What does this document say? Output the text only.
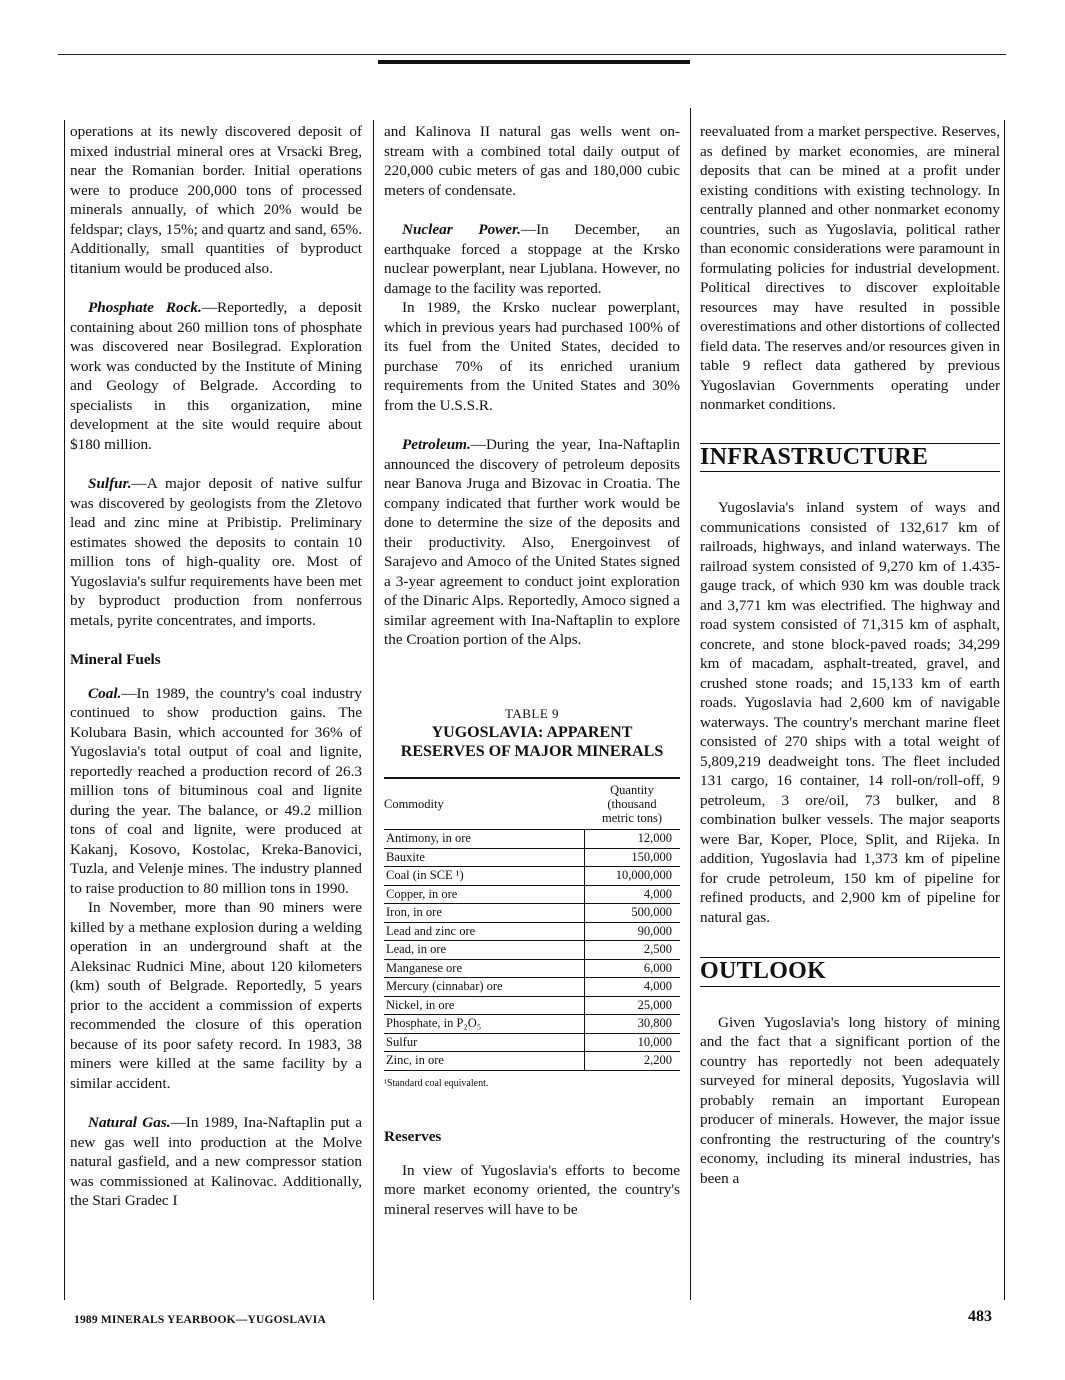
operations at its newly discovered deposit of mixed industrial mineral ores at Vrsacki Breg, near the Romanian border. Initial operations were to produce 200,000 tons of processed minerals annually, of which 20% would be feldspar; clays, 15%; and quartz and sand, 65%. Additionally, small quantities of byproduct titanium would be produced also.

Phosphate Rock.—Reportedly, a deposit containing about 260 million tons of phosphate was discovered near Bosilegrad. Exploration work was conducted by the Institute of Mining and Geology of Belgrade. According to specialists in this organization, mine development at the site would require about $180 million.

Sulfur.—A major deposit of native sulfur was discovered by geologists from the Zletovo lead and zinc mine at Pribistip. Preliminary estimates showed the deposits to contain 10 million tons of high-quality ore. Most of Yugoslavia's sulfur requirements have been met by byproduct production from nonferrous metals, pyrite concentrates, and imports.

Mineral Fuels

Coal.—In 1989, the country's coal industry continued to show production gains. The Kolubara Basin, which accounted for 36% of Yugoslavia's total output of coal and lignite, reportedly reached a production record of 26.3 million tons of bituminous coal and lignite during the year. The balance, or 49.2 million tons of coal and lignite, were produced at Kakanj, Kosovo, Kostolac, Kreka-Banovici, Tuzla, and Velenje mines. The industry planned to raise production to 80 million tons in 1990.

In November, more than 90 miners were killed by a methane explosion during a welding operation in an underground shaft at the Aleksinac Rudnici Mine, about 120 kilometers (km) south of Belgrade. Reportedly, 5 years prior to the accident a commission of experts recommended the closure of this operation because of its poor safety record. In 1983, 38 miners were killed at the same facility by a similar accident.

Natural Gas.—In 1989, Ina-Naftaplin put a new gas well into production at the Molve natural gasfield, and a new compressor station was commissioned at Kalinovac. Additionally, the Stari Gradec I

and Kalinova II natural gas wells went on-stream with a combined total daily output of 220,000 cubic meters of gas and 180,000 cubic meters of condensate.

Nuclear Power.—In December, an earthquake forced a stoppage at the Krsko nuclear powerplant, near Ljublana. However, no damage to the facility was reported.

In 1989, the Krsko nuclear powerplant, which in previous years had purchased 100% of its fuel from the United States, decided to purchase 70% of its enriched uranium requirements from the United States and 30% from the U.S.S.R.

Petroleum.—During the year, Ina-Naftaplin announced the discovery of petroleum deposits near Banova Jruga and Bizovac in Croatia. The company indicated that further work would be done to determine the size of the deposits and their productivity. Also, Energoinvest of Sarajevo and Amoco of the United States signed a 3-year agreement to conduct joint exploration of the Dinaric Alps. Reportedly, Amoco signed a similar agreement with Ina-Naftaplin to explore the Croation portion of the Alps.

TABLE 9

YUGOSLAVIA: APPARENT
RESERVES OF MAJOR MINERALS
Commodity	Quantity
(thousand
metric tons)

Antimony, in ore	12,000
Bauxite	150,000
Coal (in SCE ¹)	10,000,000
Copper, in ore	4,000
Iron, in ore	500,000
Lead and zinc ore	90,000
Lead, in ore	2,500
Manganese ore	6,000
Mercury (cinnabar) ore	4,000
Nickel, in ore	25,000
Phosphate, in P₂O₅	30,800
Sulfur	10,000
Zinc, in ore	2,200
¹Standard coal equivalent.

Reserves

In view of Yugoslavia's efforts to become more market economy oriented, the country's mineral reserves will have to be

reevaluated from a market perspective. Reserves, as defined by market economies, are mineral deposits that can be mined at a profit under existing conditions with existing technology. In centrally planned and other nonmarket economy countries, such as Yugoslavia, political rather than economic considerations were paramount in formulating policies for industrial development. Political directives to discover exploitable resources may have resulted in possible overestimations and other distortions of collected field data. The reserves and/or resources given in table 9 reflect data gathered by previous Yugoslavian Governments operating under nonmarket conditions.

INFRASTRUCTURE

Yugoslavia's inland system of ways and communications consisted of 132,617 km of railroads, highways, and inland waterways. The railroad system consisted of 9,270 km of 1.435-gauge track, of which 930 km was double track and 3,771 km was electrified. The highway and road system consisted of 71,315 km of asphalt, concrete, and stone block-paved roads; 34,299 km of macadam, asphalt-treated, gravel, and crushed stone roads; and 15,133 km of earth roads. Yugoslavia had 2,600 km of navigable waterways. The country's merchant marine fleet consisted of 270 ships with a total weight of 5,809,219 deadweight tons. The fleet included 131 cargo, 16 container, 14 roll-on/roll-off, 9 petroleum, 3 ore/oil, 73 bulker, and 8 combination bulker vessels. The major seaports were Bar, Koper, Ploce, Split, and Rijeka. In addition, Yugoslavia had 1,373 km of pipeline for crude petroleum, 150 km of pipeline for refined products, and 2,900 km of pipeline for natural gas.

OUTLOOK

Given Yugoslavia's long history of mining and the fact that a significant portion of the country has reportedly not been adequately surveyed for mineral deposits, Yugoslavia will probably remain an important European producer of minerals. However, the major issue confronting the restructuring of the country's economy, including its mineral industries, has been a

1989 MINERALS YEARBOOK—YUGOSLAVIA	483
